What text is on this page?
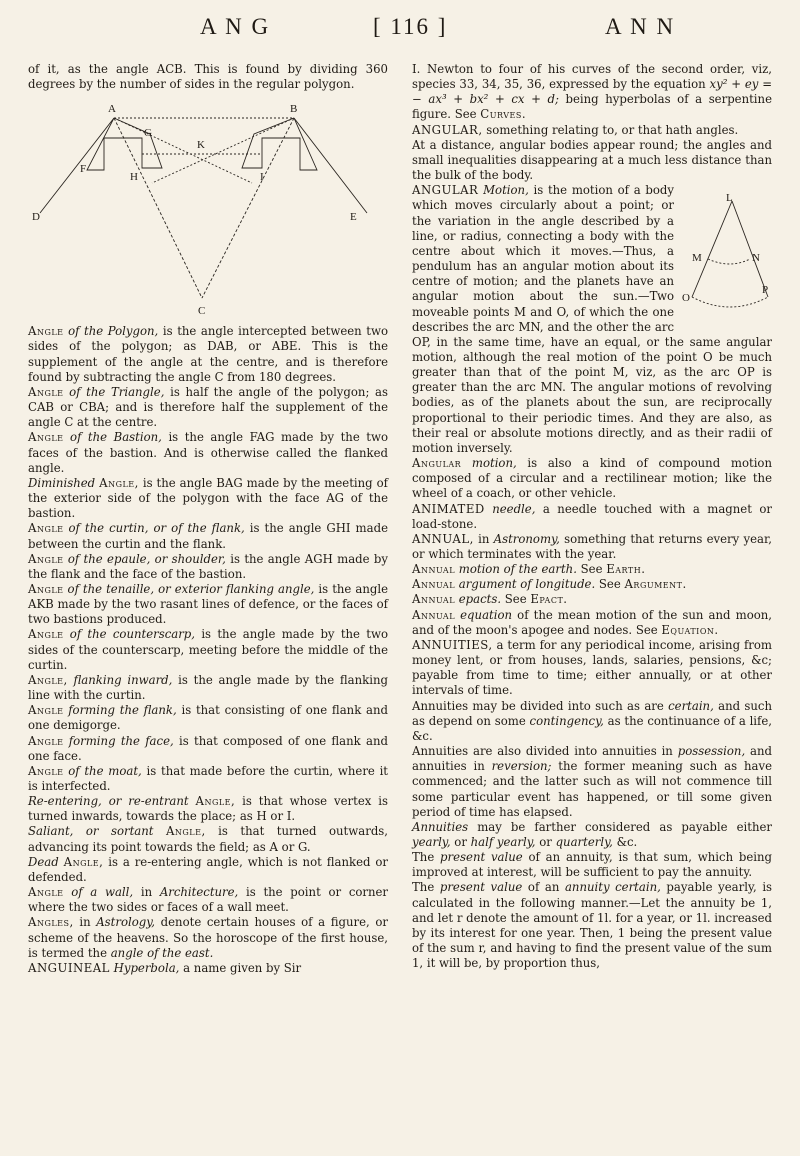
A N G	[ 116 ]	A N N

of it, as the angle ACB. This is found by dividing 360 degrees by the number of sides in the regular polygon.

A	B
G
K
F
H	I
D	E
C

Angle of the Polygon, is the angle intercepted between two sides of the polygon; as DAB, or ABE. This is the supplement of the angle at the centre, and is therefore found by subtracting the angle C from 180 degrees.

Angle of the Triangle, is half the angle of the polygon; as CAB or CBA; and is therefore half the supplement of the angle C at the centre.

Angle of the Bastion, is the angle FAG made by the two faces of the bastion. And is otherwise called the flanked angle.

Diminished Angle, is the angle BAG made by the meeting of the exterior side of the polygon with the face AG of the bastion.

Angle of the curtin, or of the flank, is the angle GHI made between the curtin and the flank.

Angle of the epaule, or shoulder, is the angle AGH made by the flank and the face of the bastion.

Angle of the tenaille, or exterior flanking angle, is the angle AKB made by the two rasant lines of defence, or the faces of two bastions produced.

Angle of the counterscarp, is the angle made by the two sides of the counterscarp, meeting before the middle of the curtin.

Angle, flanking inward, is the angle made by the flanking line with the curtin.

Angle forming the flank, is that consisting of one flank and one demigorge.

Angle forming the face, is that composed of one flank and one face.

Angle of the moat, is that made before the curtin, where it is interfected.

Re-entering, or re-entrant Angle, is that whose vertex is turned inwards, towards the place; as H or I.

Saliant, or sortant Angle, is that turned outwards, advancing its point towards the field; as A or G.

Dead Angle, is a re-entering angle, which is not flanked or defended.

Angle of a wall, in Architecture, is the point or corner where the two sides or faces of a wall meet.

Angles, in Astrology, denote certain houses of a figure, or scheme of the heavens. So the horoscope of the first house, is termed the angle of the east.

ANGUINEAL Hyperbola, a name given by Sir

I. Newton to four of his curves of the second order, viz, species 33, 34, 35, 36, expressed by the equation xy² + ey = − ax³ + bx² + cx + d; being hyperbolas of a serpentine figure. See Curves.

ANGULAR, something relating to, or that hath angles.

At a distance, angular bodies appear round; the angles and small inequalities disappearing at a much less distance than the bulk of the body.

L
M	N
O
P
ANGULAR Motion, is the motion of a body which moves circularly about a point; or the variation in the angle described by a line, or radius, connecting a body with the centre about which it moves.—Thus, a pendulum has an angular motion about its centre of motion; and the planets have an angular motion about the sun.—Two moveable points M and O, of which the one describes the arc MN, and the other the arc OP, in the same time, have an equal, or the same angular motion, although the real motion of the point O be much greater than that of the point M, viz, as the arc OP is greater than the arc MN. The angular motions of revolving bodies, as of the planets about the sun, are reciprocally proportional to their periodic times. And they are also, as their real or absolute motions directly, and as their radii of motion inversely.

Angular motion, is also a kind of compound motion composed of a circular and a rectilinear motion; like the wheel of a coach, or other vehicle.

ANIMATED needle, a needle touched with a magnet or load-stone.

ANNUAL, in Astronomy, something that returns every year, or which terminates with the year.

Annual motion of the earth. See Earth.

Annual argument of longitude. See Argument.

Annual epacts. See Epact.

Annual equation of the mean motion of the sun and moon, and of the moon's apogee and nodes. See Equation.

ANNUITIES, a term for any periodical income, arising from money lent, or from houses, lands, salaries, pensions, &c; payable from time to time; either annually, or at other intervals of time.

Annuities may be divided into such as are certain, and such as depend on some contingency, as the continuance of a life, &c.

Annuities are also divided into annuities in possession, and annuities in reversion; the former meaning such as have commenced; and the latter such as will not commence till some particular event has happened, or till some given period of time has elapsed.

Annuities may be farther considered as payable either yearly, or half yearly, or quarterly, &c.

The present value of an annuity, is that sum, which being improved at interest, will be sufficient to pay the annuity.

The present value of an annuity certain, payable yearly, is calculated in the following manner.—Let the annuity be 1, and let r denote the amount of 1l. for a year, or 1l. increased by its interest for one year. Then, 1 being the present value of the sum r, and having to find the present value of the sum 1, it will be, by proportion thus,
